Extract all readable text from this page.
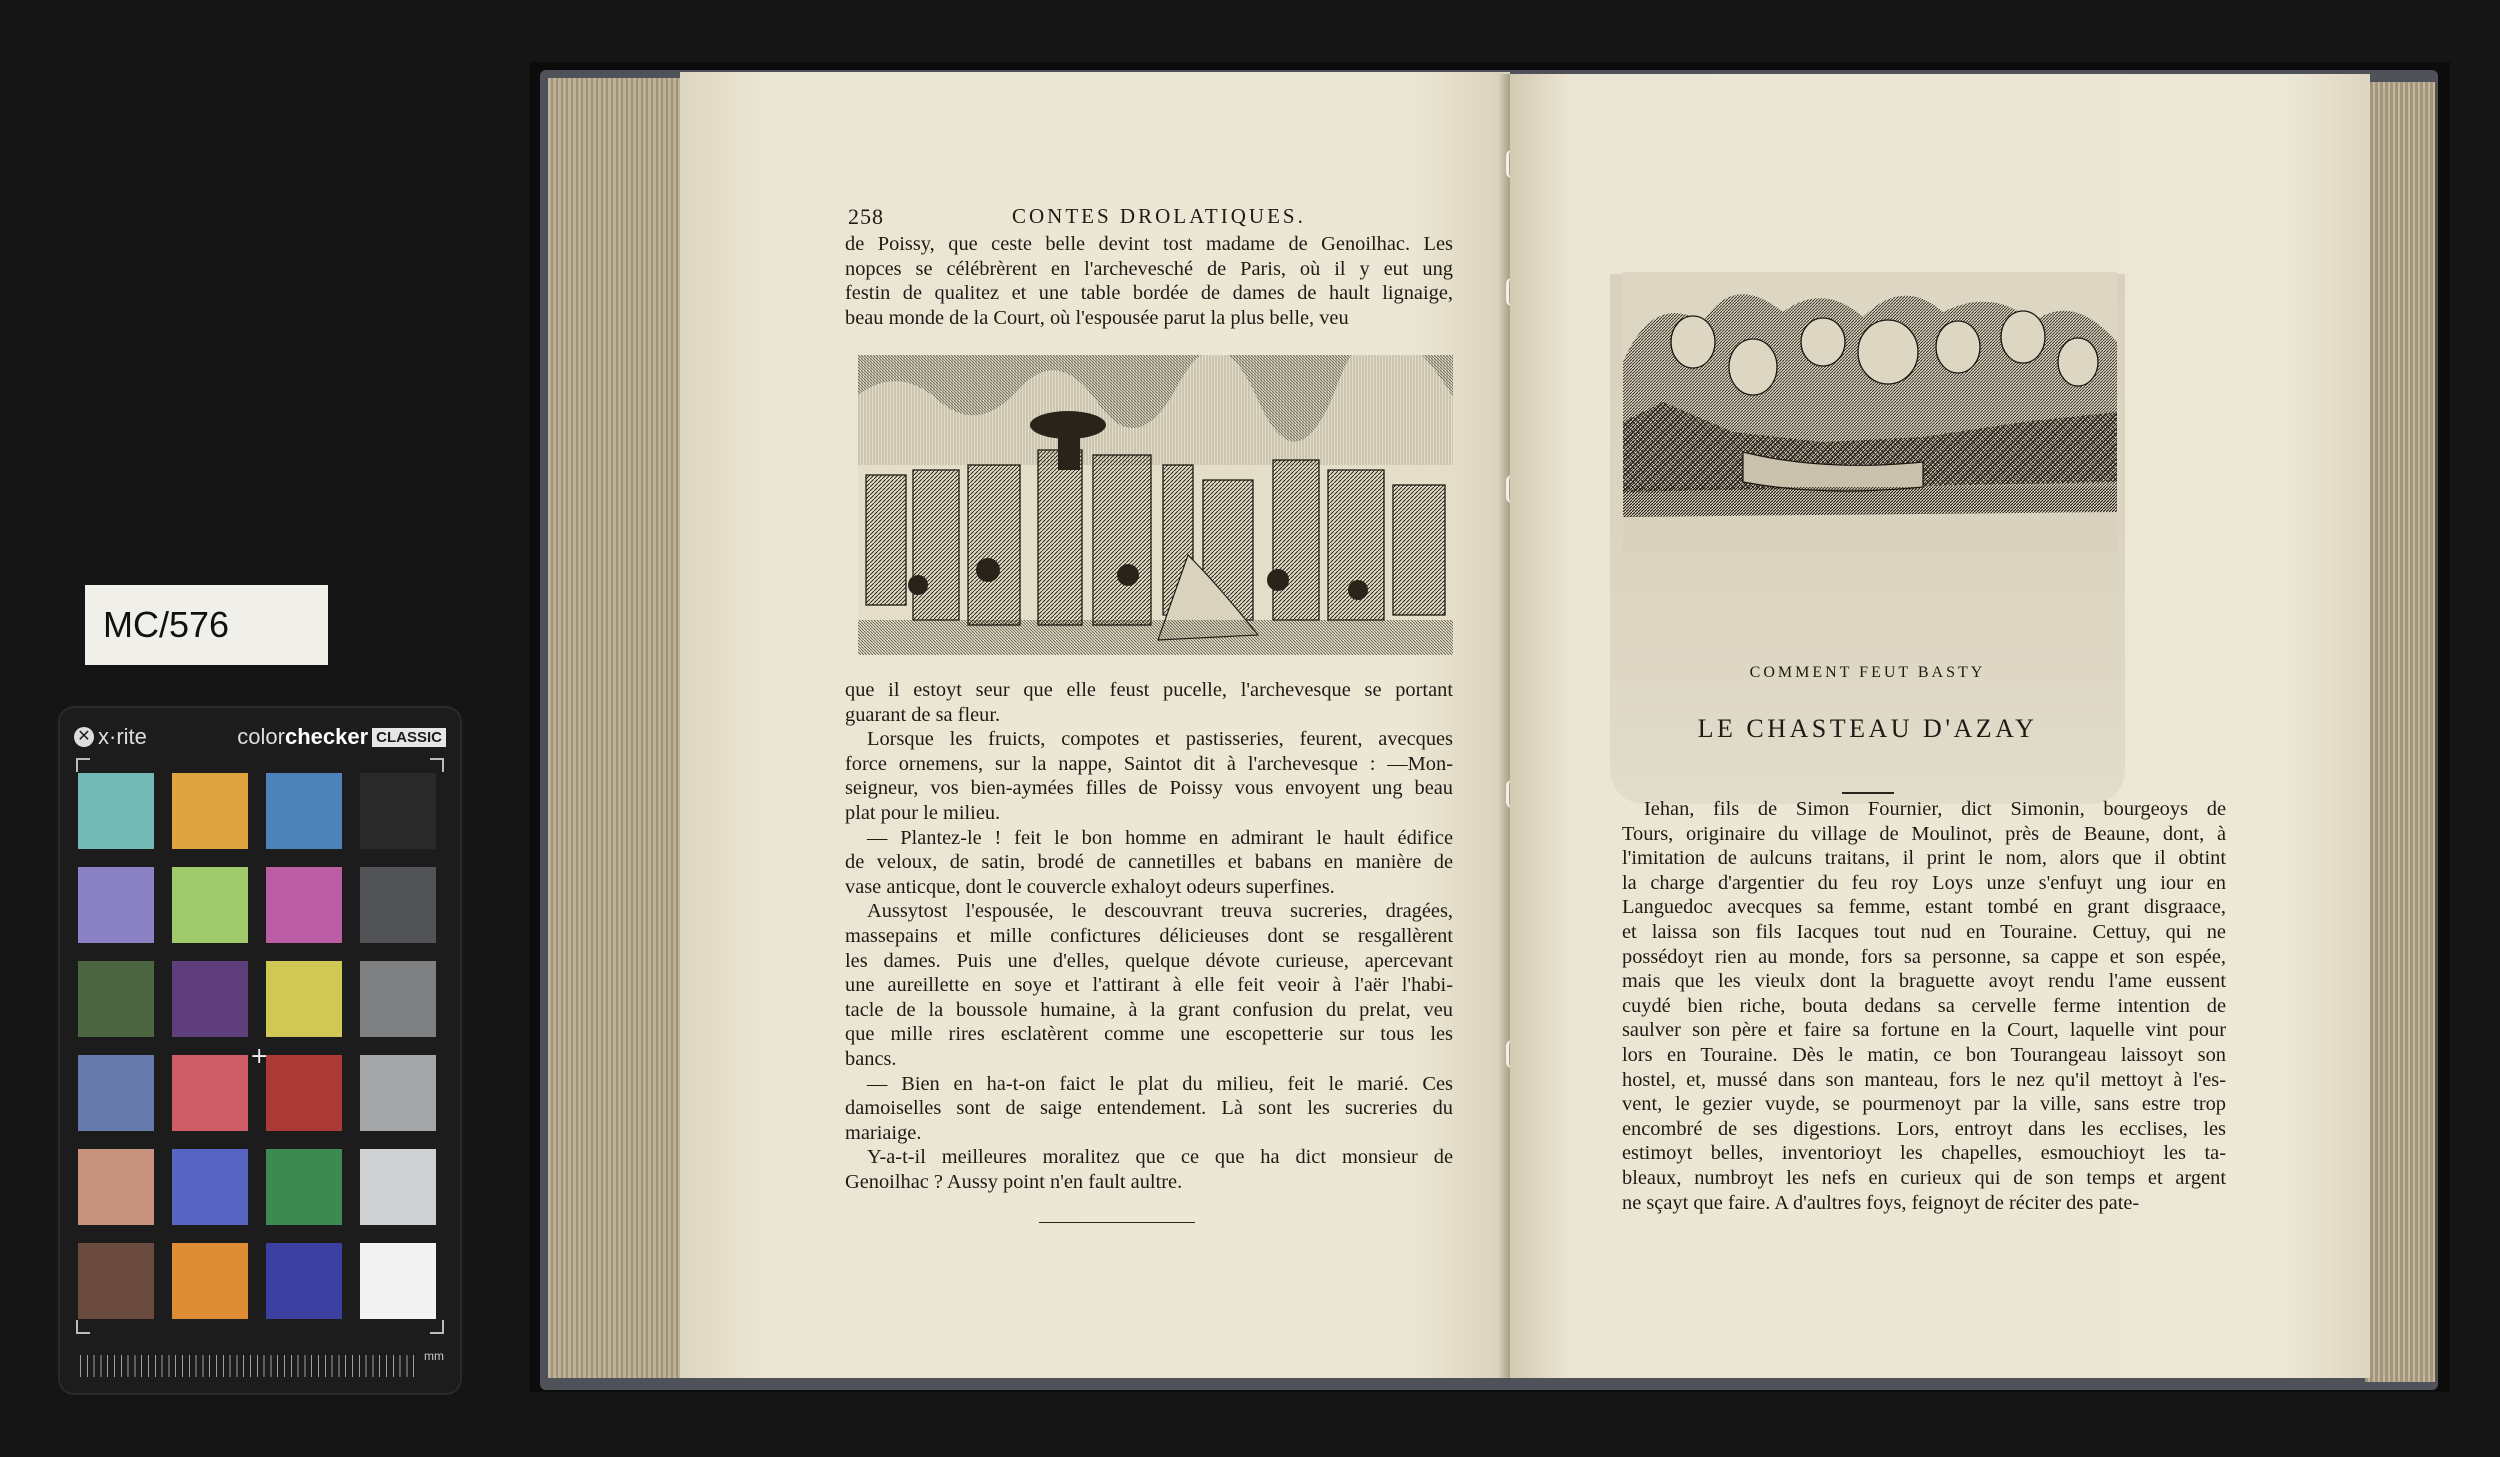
MC/576
✕ x·rite	colorchecker CLASSIC
+
mm
258	CONTES DROLATIQUES.
de Poissy, que ceste belle devint tost madame de Genoilhac. Les
nopces se célébrèrent en l'archevesché de Paris, où il y eut ung
festin de qualitez et une table bordée de dames de hault lignaige,
beau monde de la Court, où l'espousée parut la plus belle, veu
que il estoyt seur que elle feust pucelle, l'archevesque se portant
guarant de sa fleur.
Lorsque les fruicts, compotes et pastisseries, feurent, avecques
force ornemens, sur la nappe, Saintot dit à l'archevesque : —Mon-
seigneur, vos bien-aymées filles de Poissy vous envoyent ung beau
plat pour le milieu.
— Plantez-le ! feit le bon homme en admirant le hault édifice
de veloux, de satin, brodé de cannetilles et babans en manière de
vase anticque, dont le couvercle exhaloyt odeurs superfines.
Aussytost l'espousée, le descouvrant treuva sucreries, dragées,
massepains et mille confictures délicieuses dont se resgallèrent
les dames. Puis une d'elles, quelque dévote curieuse, apercevant
une aureillette en soye et l'attirant à elle feit veoir à l'aër l'habi-
tacle de la boussole humaine, à la grant confusion du prelat, veu
que mille rires esclatèrent comme une escopetterie sur tous les
bancs.
— Bien en ha-t-on faict le plat du milieu, feit le marié. Ces
damoiselles sont de saige entendement. Là sont les sucreries du
mariaige.
Y-a-t-il meilleures moralitez que ce que ha dict monsieur de
Genoilhac ? Aussy point n'en fault aultre.
COMMENT FEUT BASTY
LE CHASTEAU D'AZAY
Iehan, fils de Simon Fournier, dict Simonin, bourgeoys de
Tours, originaire du village de Moulinot, près de Beaune, dont, à
l'imitation de aulcuns traitans, il print le nom, alors que il obtint
la charge d'argentier du feu roy Loys unze s'enfuyt ung iour en
Languedoc avecques sa femme, estant tombé en grant disgraace,
et laissa son fils Iacques tout nud en Touraine. Cettuy, qui ne
possédoyt rien au monde, fors sa personne, sa cappe et son espée,
mais que les vieulx dont la braguette avoyt rendu l'ame eussent
cuydé bien riche, bouta dedans sa cervelle ferme intention de
saulver son père et faire sa fortune en la Court, laquelle vint pour
lors en Touraine. Dès le matin, ce bon Tourangeau laissoyt son
hostel, et, mussé dans son manteau, fors le nez qu'il mettoyt à l'es-
vent, le gezier vuyde, se pourmenoyt par la ville, sans estre trop
encombré de ses digestions. Lors, entroyt dans les ecclises, les
estimoyt belles, inventorioyt les chapelles, esmouchioyt les ta-
bleaux, numbroyt les nefs en curieux qui de son temps et argent
ne sçayt que faire. A d'aultres foys, feignoyt de réciter des pate-
